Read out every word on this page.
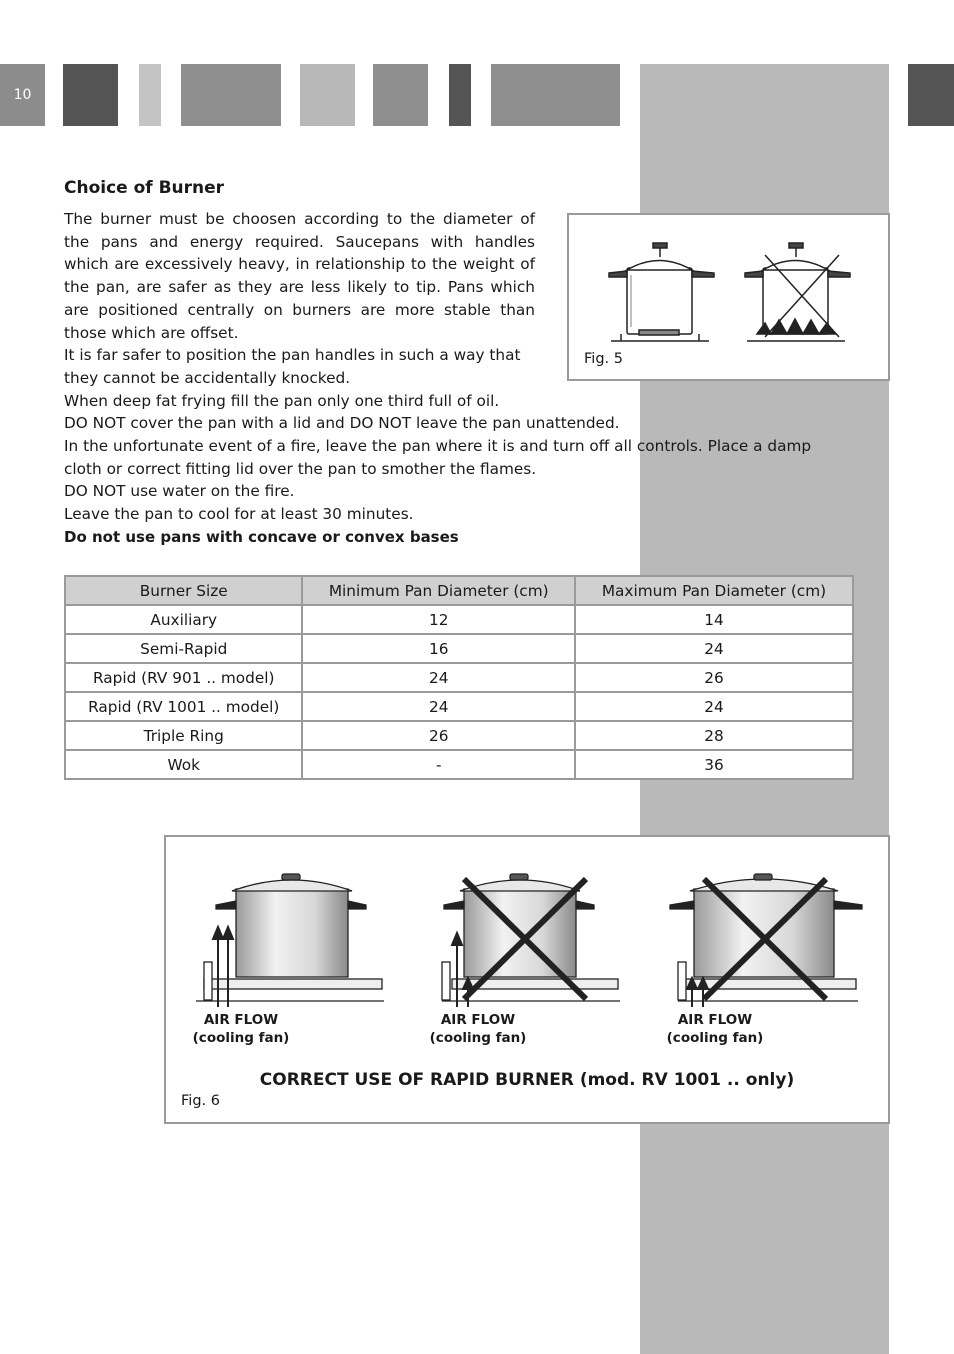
10
Choice of Burner

The burner must be choosen according to the diameter of the pans and energy required. Saucepans with handles which are excessively heavy, in relationship to the weight of the pan, are safer as they are less likely to tip. Pans which are positioned centrally on burners are more stable than those which are offset.

It is far safer to position the pan handles in such a way that they cannot be accidentally knocked.

When deep fat frying fill the pan only one third full of oil.

DO NOT cover the pan with a lid and DO NOT leave the pan unattended.

In the unfortunate event of a fire, leave the pan where it is and turn off all controls. Place a damp cloth or correct fitting lid over the pan to smother the flames.

DO NOT use water on the fire.

Leave the pan to cool for at least 30 minutes.

Do not use pans with concave or convex bases
Burner Size	Minimum Pan Diameter (cm)	Maximum Pan Diameter (cm)
Auxiliary	12	14
Semi-Rapid	16	24
Rapid (RV 901 .. model)	24	26
Rapid (RV 1001 .. model)	24	24
Triple Ring	26	28
Wok	-	36
Fig. 5
AIR FLOW
(cooling fan)
AIR FLOW
(cooling fan)
AIR FLOW
(cooling fan)
CORRECT USE OF RAPID BURNER (mod. RV 1001 .. only)
Fig. 6
